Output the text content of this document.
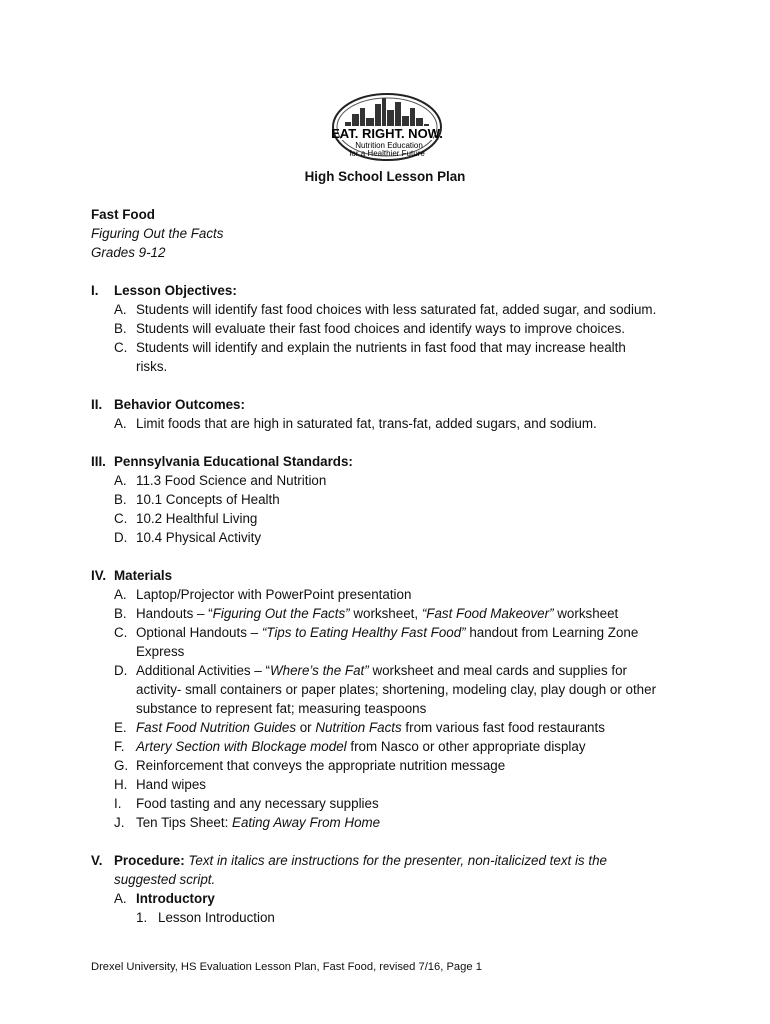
EAT. RIGHT. NOW.
Nutrition Education
for a Healthier Future
High School Lesson Plan
Fast Food
Figuring Out the Facts
Grades 9-12
I. Lesson Objectives:
A. Students will identify fast food choices with less saturated fat, added sugar, and sodium.
B. Students will evaluate their fast food choices and identify ways to improve choices.
C. Students will identify and explain the nutrients in fast food that may increase health
risks.
II. Behavior Outcomes:
A. Limit foods that are high in saturated fat, trans-fat, added sugars, and sodium.
III. Pennsylvania Educational Standards:
A. 11.3 Food Science and Nutrition
B. 10.1 Concepts of Health
C. 10.2 Healthful Living
D. 10.4 Physical Activity
IV. Materials
A. Laptop/Projector with PowerPoint presentation
B. Handouts – “Figuring Out the Facts” worksheet, “Fast Food Makeover” worksheet
C. Optional Handouts – “Tips to Eating Healthy Fast Food” handout from Learning Zone
Express
D. Additional Activities – “Where’s the Fat” worksheet and meal cards and supplies for
activity- small containers or paper plates; shortening, modeling clay, play dough or other
substance to represent fat; measuring teaspoons
E. Fast Food Nutrition Guides or Nutrition Facts from various fast food restaurants
F. Artery Section with Blockage model from Nasco or other appropriate display
G. Reinforcement that conveys the appropriate nutrition message
H. Hand wipes
I. Food tasting and any necessary supplies
J. Ten Tips Sheet: Eating Away From Home
V. Procedure: Text in italics are instructions for the presenter, non-italicized text is the
suggested script.
A. Introductory
1. Lesson Introduction
Drexel University, HS Evaluation Lesson Plan, Fast Food, revised 7/16, Page 1
